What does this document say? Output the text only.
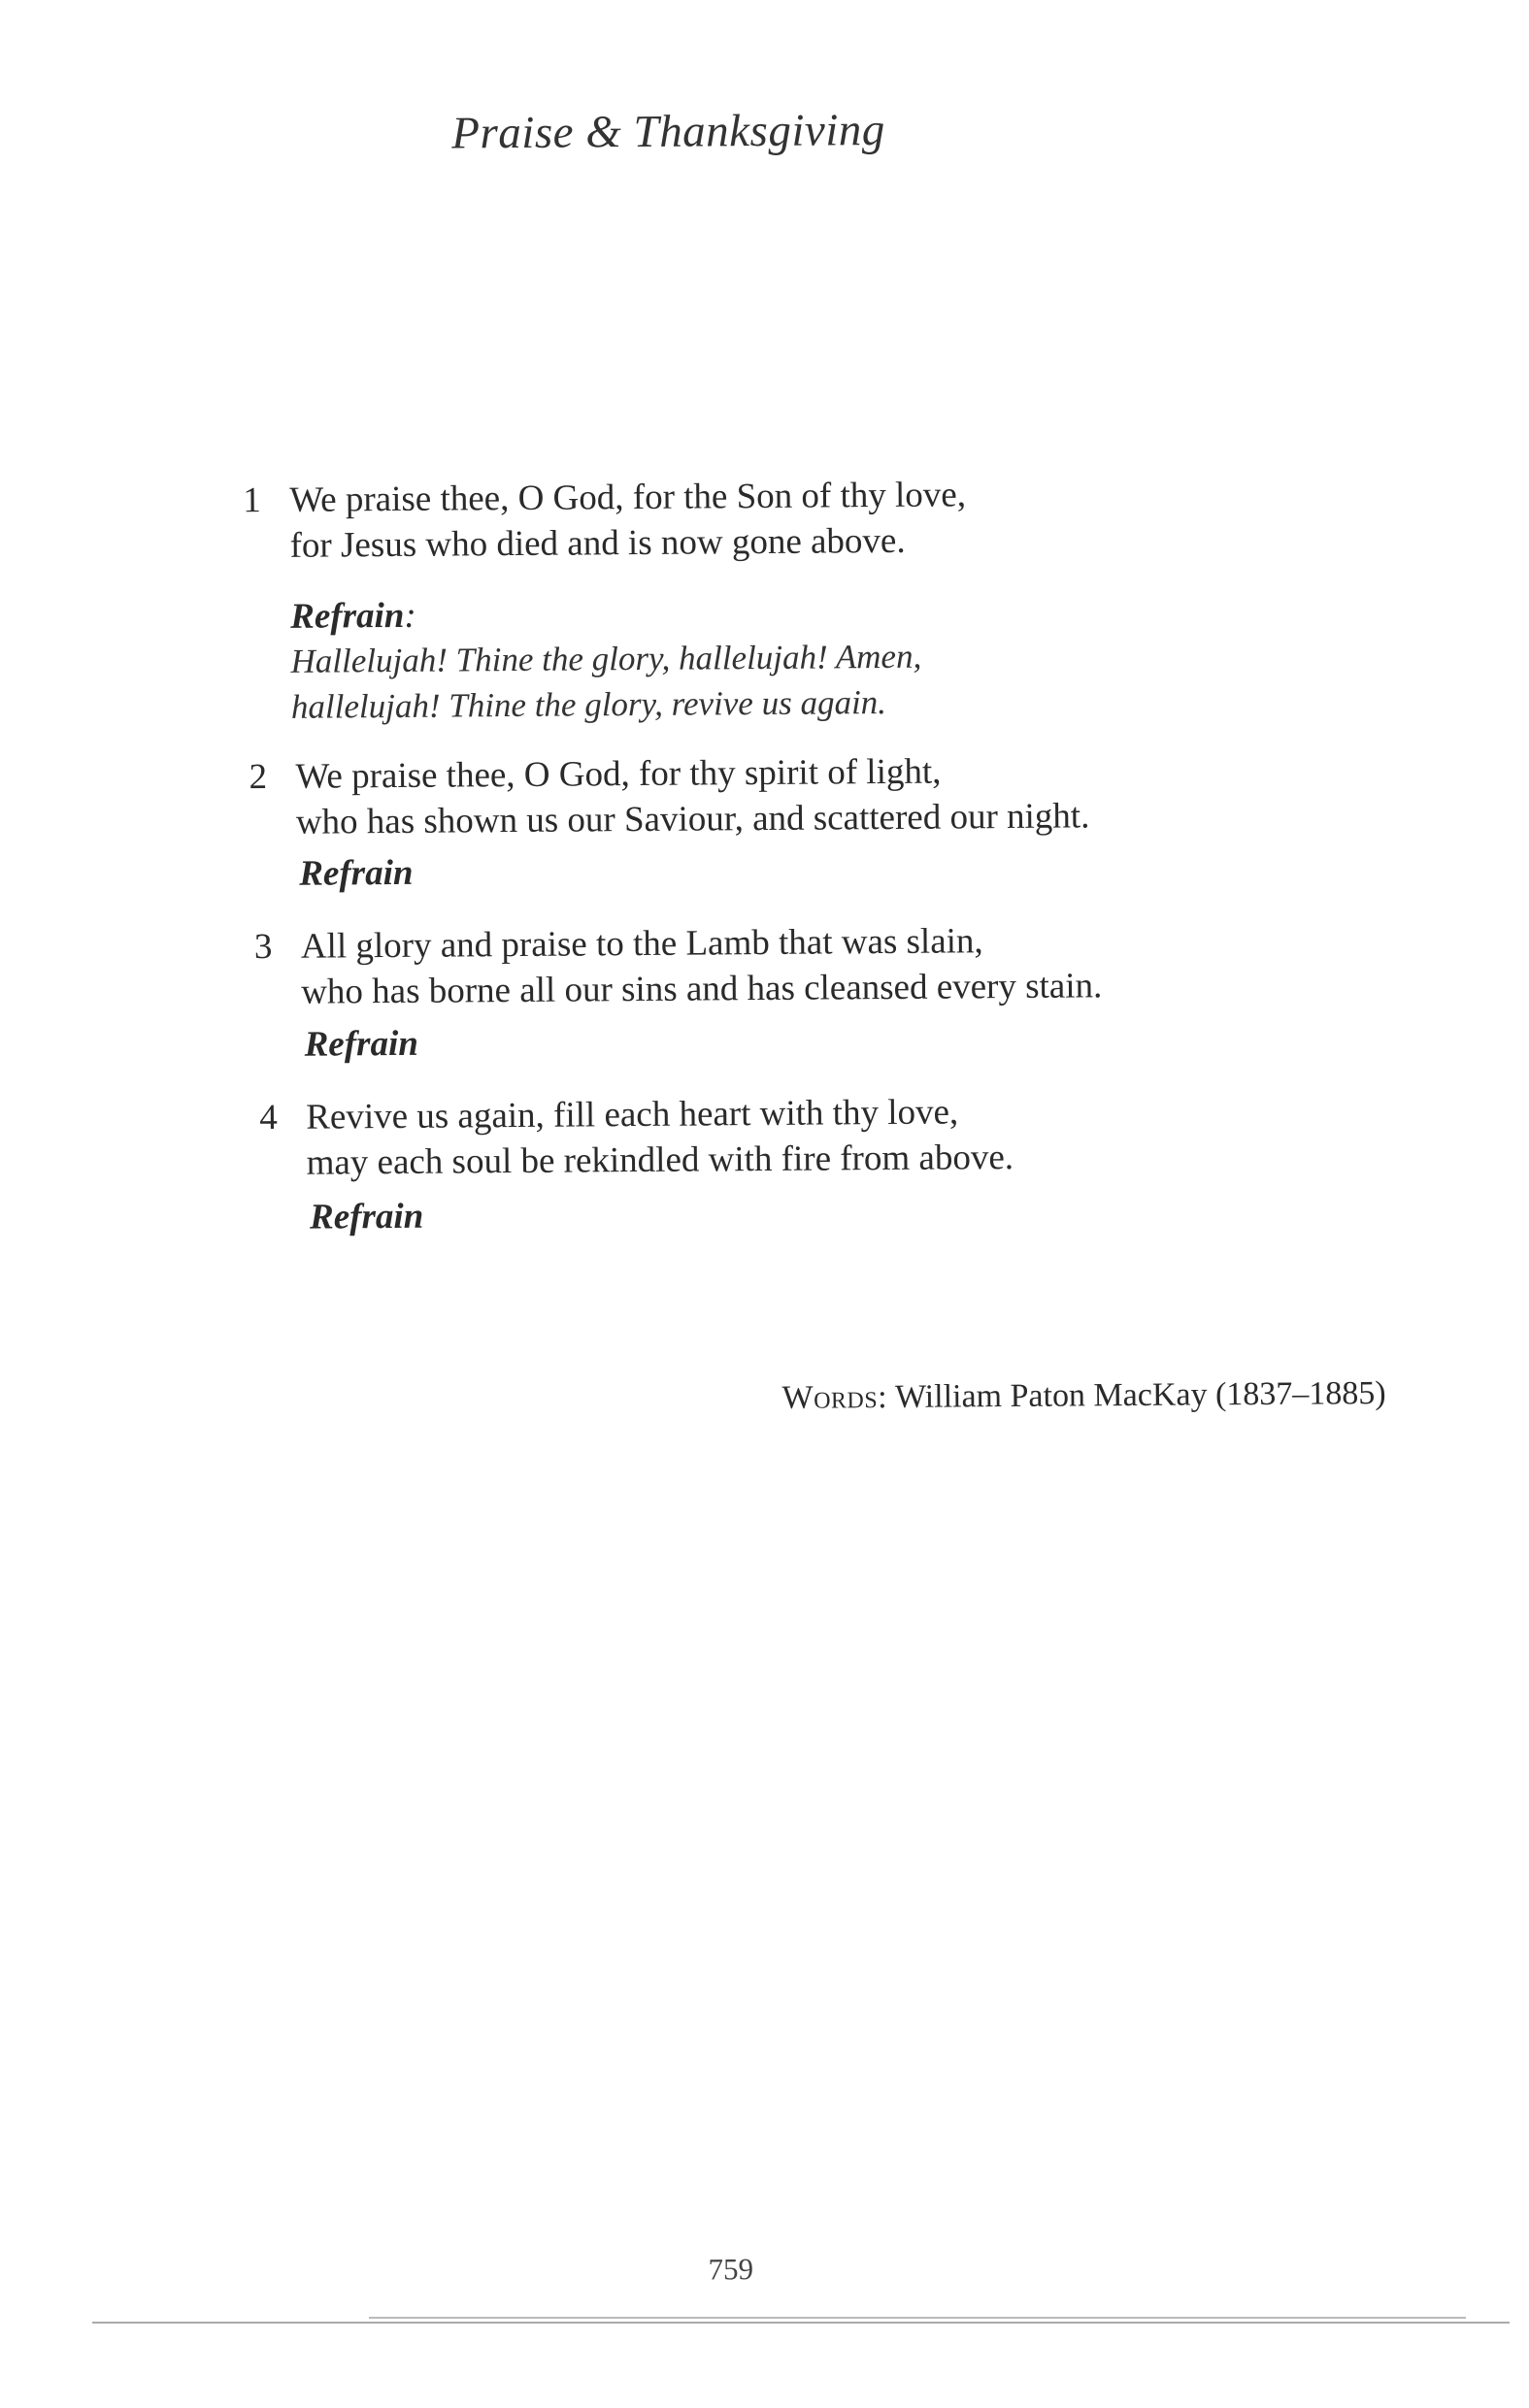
Praise & Thanksgiving
1 We praise thee, O God, for the Son of thy love,
for Jesus who died and is now gone above.
Refrain:
Hallelujah! Thine the glory, hallelujah! Amen,
hallelujah! Thine the glory, revive us again.
2 We praise thee, O God, for thy spirit of light,
who has shown us our Saviour, and scattered our night.
Refrain
3 All glory and praise to the Lamb that was slain,
who has borne all our sins and has cleansed every stain.
Refrain
4 Revive us again, fill each heart with thy love,
may each soul be rekindled with fire from above.
Refrain
Words: William Paton MacKay (1837–1885)
759
